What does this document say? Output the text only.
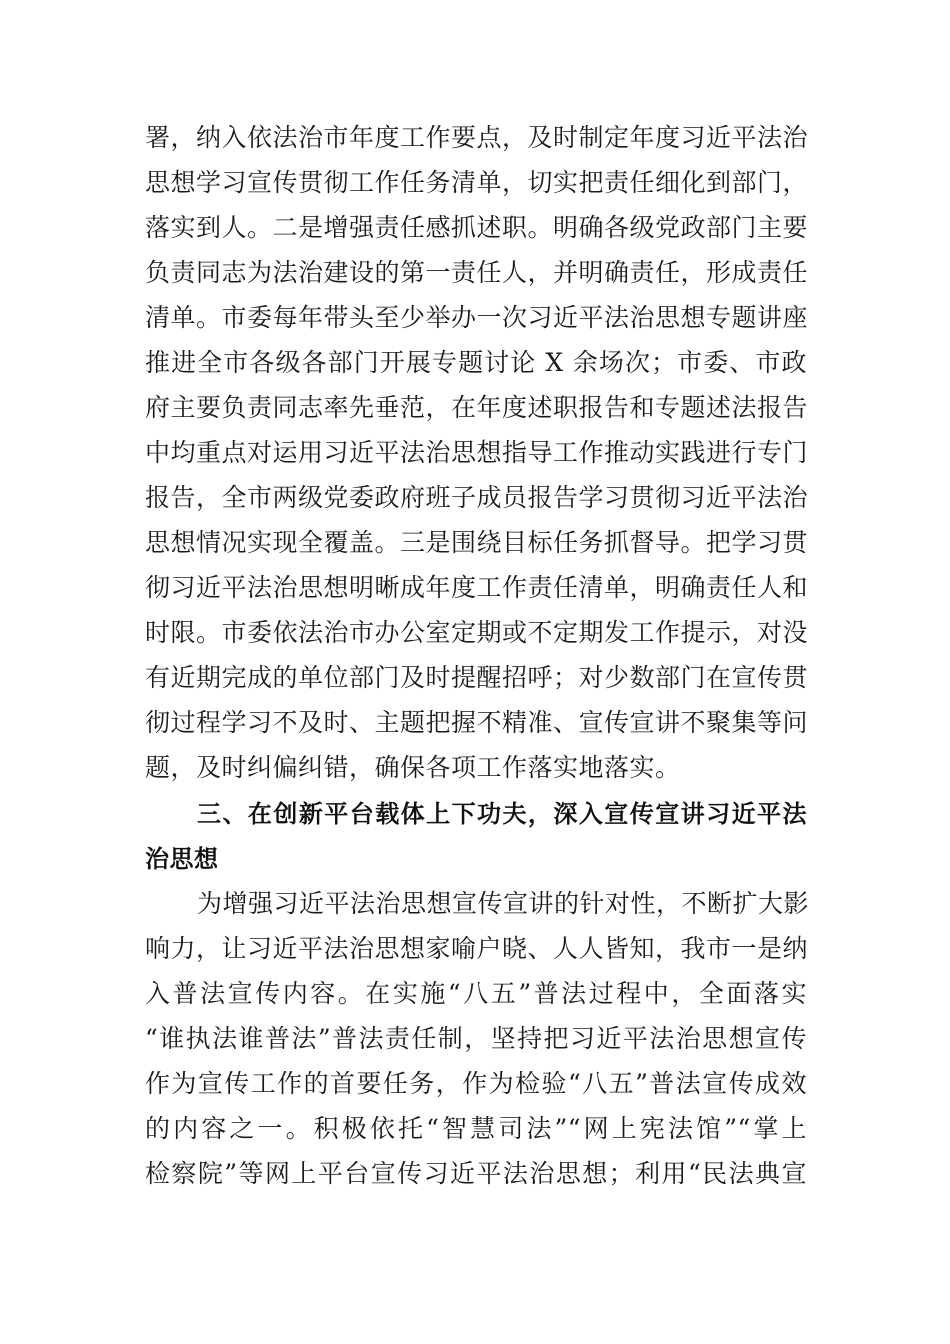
署，纳入依法治市年度工作要点，及时制定年度习近平法治
思想学习宣传贯彻工作任务清单，切实把责任细化到部门，
落实到人。二是增强责任感抓述职。明确各级党政部门主要
负责同志为法治建设的第一责任人，并明确责任，形成责任
清单。市委每年带头至少举办一次习近平法治思想专题讲座
推进全市各级各部门开展专题讨论 X 余场次；市委、市政
府主要负责同志率先垂范，在年度述职报告和专题述法报告
中均重点对运用习近平法治思想指导工作推动实践进行专门
报告，全市两级党委政府班子成员报告学习贯彻习近平法治
思想情况实现全覆盖。三是围绕目标任务抓督导。把学习贯
彻习近平法治思想明晰成年度工作责任清单，明确责任人和
时限。市委依法治市办公室定期或不定期发工作提示，对没
有近期完成的单位部门及时提醒招呼；对少数部门在宣传贯
彻过程学习不及时、主题把握不精准、宣传宣讲不聚集等问
题，及时纠偏纠错，确保各项工作落实地落实。
三、在创新平台载体上下功夫，深入宣传宣讲习近平法
治思想
为增强习近平法治思想宣传宣讲的针对性，不断扩大影
响力，让习近平法治思想家喻户晓、人人皆知，我市一是纳
入普法宣传内容。在实施“八五”普法过程中，全面落实
“谁执法谁普法”普法责任制，坚持把习近平法治思想宣传
作为宣传工作的首要任务，作为检验“八五”普法宣传成效
的内容之一。积极依托“智慧司法”“网上宪法馆”“掌上
检察院”等网上平台宣传习近平法治思想；利用“民法典宣
